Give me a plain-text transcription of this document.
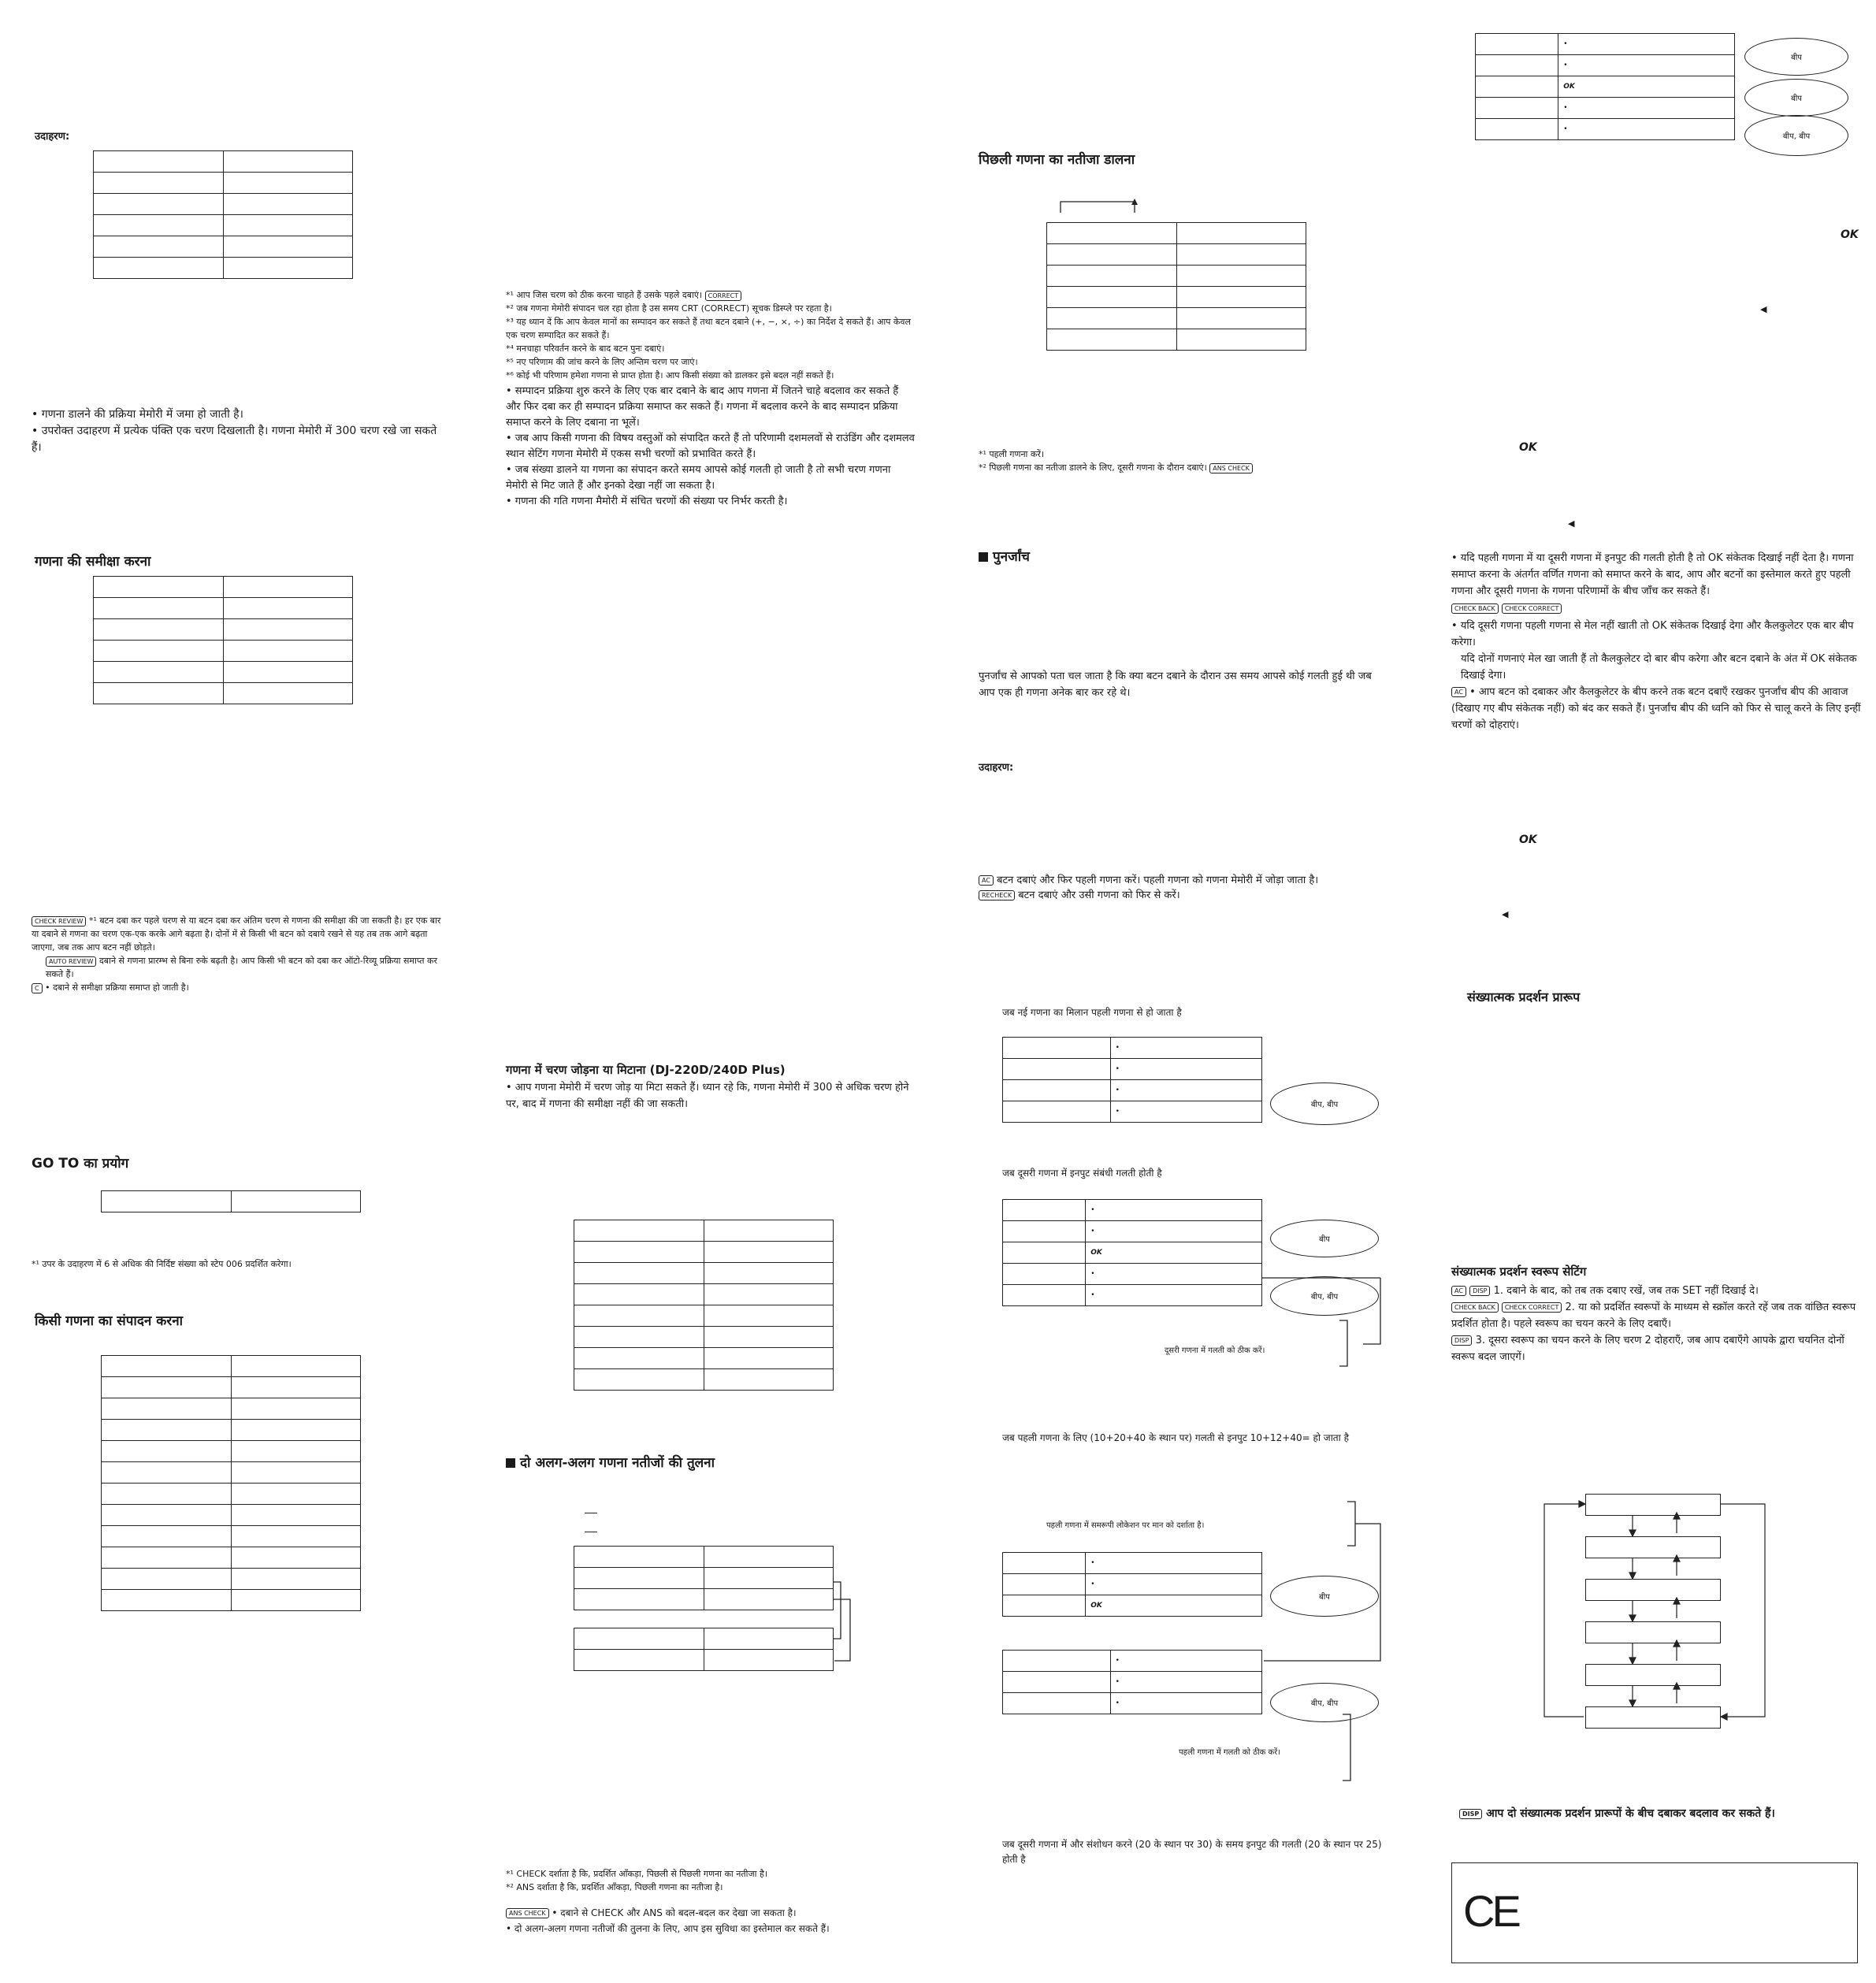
उदाहरण:

• गणना डालने की प्रक्रिया मेमोरी में जमा हो जाती है।
• उपरोक्त उदाहरण में प्रत्येक पंक्ति एक चरण दिखलाती है। गणना मेमोरी में 300 चरण रखे जा सकते हैं।
गणना की समीक्षा करना

CHECK REVIEW *¹ बटन दबा कर पहले चरण से या बटन दबा कर अंतिम चरण से गणना की समीक्षा की जा सकती है। हर एक बार या दबाने से गणना का चरण एक-एक करके आगे बढ़ता है। दोनों में से किसी भी बटन को दबाये रखने से यह तब तक आगे बढ़ता जाएगा, जब तक आप बटन नहीं छोड़ते।
AUTO REVIEW दबाने से गणना प्रारम्भ से बिना रुके बढ़ती है। आप किसी भी बटन को दबा कर ऑटो-रिव्यू प्रक्रिया समाप्त कर सकते हैं।
C • दबाने से समीक्षा प्रक्रिया समाप्त हो जाती है।
GO TO का प्रयोग

*¹ उपर के उदाहरण में 6 से अधिक की निर्दिष्ट संख्या को स्टेप 006 प्रदर्शित करेगा।
किसी गणना का संपादन करना

*¹ आप जिस चरण को ठीक करना चाहते हैं उसके पहले दबाएं। CORRECT
*² जब गणना मेमोरी संपादन चल रहा होता है उस समय CRT (CORRECT) सूचक डिस्प्ले पर रहता है।
*³ यह ध्यान दें कि आप केवल मानों का सम्पादन कर सकते हैं तथा बटन दबाने (+, −, ×, ÷) का निर्देश दे सकते हैं। आप केवल एक चरण सम्पादित कर सकते हैं।
*⁴ मनचाहा परिवर्तन करने के बाद बटन पुनः दबाएं।
*⁵ नए परिणाम की जांच करने के लिए अन्तिम चरण पर जाएं।
*⁶ कोई भी परिणाम हमेशा गणना से प्राप्त होता है। आप किसी संख्या को डालकर इसे बदल नहीं सकते हैं।
• सम्पादन प्रक्रिया शुरु करने के लिए एक बार दबाने के बाद आप गणना में जितने चाहे बदलाव कर सकते हैं और फिर दबा कर ही सम्पादन प्रक्रिया समाप्त कर सकते हैं। गणना में बदलाव करने के बाद सम्पादन प्रक्रिया समाप्त करने के लिए दबाना ना भूलें।
• जब आप किसी गणना की विषय वस्तुओं को संपादित करते हैं तो परिणामी दशमलवों से राउंडिंग और दशमलव स्थान सेटिंग गणना मेमोरी में एकस सभी चरणों को प्रभावित करते हैं।
• जब संख्या डालने या गणना का संपादन करते समय आपसे कोई गलती हो जाती है तो सभी चरण गणना मेमोरी से मिट जाते हैं और इनको देखा नहीं जा सकता है।
• गणना की गति गणना मैमोरी में संचित चरणों की संख्या पर निर्भर करती है।
गणना में चरण जोड़ना या मिटाना (DJ-220D/240D Plus)
• आप गणना मेमोरी में चरण जोड़ या मिटा सकते हैं। ध्यान रहे कि, गणना मेमोरी में 300 से अधिक चरण होने पर, बाद में गणना की समीक्षा नहीं की जा सकती।

दो अलग-अलग गणना नतीजों की तुलना

*¹ CHECK दर्शाता है कि, प्रदर्शित आँकड़ा, पिछली से पिछली गणना का नतीजा है।
*² ANS दर्शाता है कि, प्रदर्शित आँकड़ा, पिछली गणना का नतीजा है।
ANS CHECK • दबाने से CHECK और ANS को बदल-बदल कर देखा जा सकता है।
• दो अलग-अलग गणना नतीजों की तुलना के लिए, आप इस सुविधा का इस्तेमाल कर सकते हैं।
पिछली गणना का नतीजा डालना

*¹ पहली गणना करें।
*² पिछली गणना का नतीजा डालने के लिए, दूसरी गणना के दौरान दबाएं। ANS CHECK
पुनर्जांच
पुनर्जांच से आपको पता चल जाता है कि क्या बटन दबाने के दौरान उस समय आपसे कोई गलती हुई थी जब आप एक ही गणना अनेक बार कर रहे थे।
उदाहरण:
AC बटन दबाएं और फिर पहली गणना करें। पहली गणना को गणना मेमोरी में जोड़ा जाता है।
RECHECK बटन दबाएं और उसी गणना को फिर से करें।
जब नई गणना का मिलान पहली गणना से हो जाता है
	•
	•
	•
	•
बीप, बीप
जब दूसरी गणना में इनपुट संबंधी गलती होती है
	•
	•
	OK
	•
	•
बीप
बीप, बीप
दूसरी गणना में गलती को ठीक करें।
जब पहली गणना के लिए (10+20+40 के स्थान पर) गलती से इनपुट 10+12+40= हो जाता है
पहली गणना में समरूपी लोकेशन पर मान को दर्शाता है।
	•
	•
	OK
बीप
	•
	•
	•	बीप, बीप
पहली गणना में गलती को ठीक करें।
जब दूसरी गणना में और संशोधन करने (20 के स्थान पर 30) के समय इनपुट की गलती (20 के स्थान पर 25) होती है
	•
	•
	OK
	•
	•
बीप
बीप
बीप, बीप
OK
◀
OK
◀
• यदि पहली गणना में या दूसरी गणना में इनपुट की गलती होती है तो OK संकेतक दिखाई नहीं देता है। गणना समाप्त करना के अंतर्गत वर्णित गणना को समाप्त करने के बाद, आप और बटनों का इस्तेमाल करते हुए पहली गणना और दूसरी गणना के गणना परिणामों के बीच जाँच कर सकते हैं।
CHECK BACK CHECK CORRECT
• यदि दूसरी गणना पहली गणना से मेल नहीं खाती तो OK संकेतक दिखाई देगा और कैलकुलेटर एक बार बीप करेगा।
यदि दोनों गणनाएं मेल खा जाती हैं तो कैलकुलेटर दो बार बीप करेगा और बटन दबाने के अंत में OK संकेतक दिखाई देगा।
AC • आप बटन को दबाकर और कैलकुलेटर के बीप करने तक बटन दबाएँ रखकर पुनर्जांच बीप की आवाज (दिखाए गए बीप संकेतक नहीं) को बंद कर सकते हैं। पुनर्जांच बीप की ध्वनि को फिर से चालू करने के लिए इन्हीं चरणों को दोहराएं।
OK
◀
संख्यात्मक प्रदर्शन प्रारूप
संख्यात्मक प्रदर्शन स्वरूप सेटिंग
AC DISP 1. दबाने के बाद, को तब तक दबाए रखें, जब तक SET नहीं दिखाई दे।
CHECK BACK CHECK CORRECT 2. या को प्रदर्शित स्वरूपों के माध्यम से स्क्रॉल करते रहें जब तक वांछित स्वरूप प्रदर्शित होता है। पहले स्वरूप का चयन करने के लिए दबाएँ।
DISP 3. दूसरा स्वरूप का चयन करने के लिए चरण 2 दोहराएँ, जब आप दबाएँगे आपके द्वारा चयनित दोनों स्वरूप बदल जाएगें।
DISP आप दो संख्यात्मक प्रदर्शन प्रारूपों के बीच दबाकर बदलाव कर सकते हैं।
CE
